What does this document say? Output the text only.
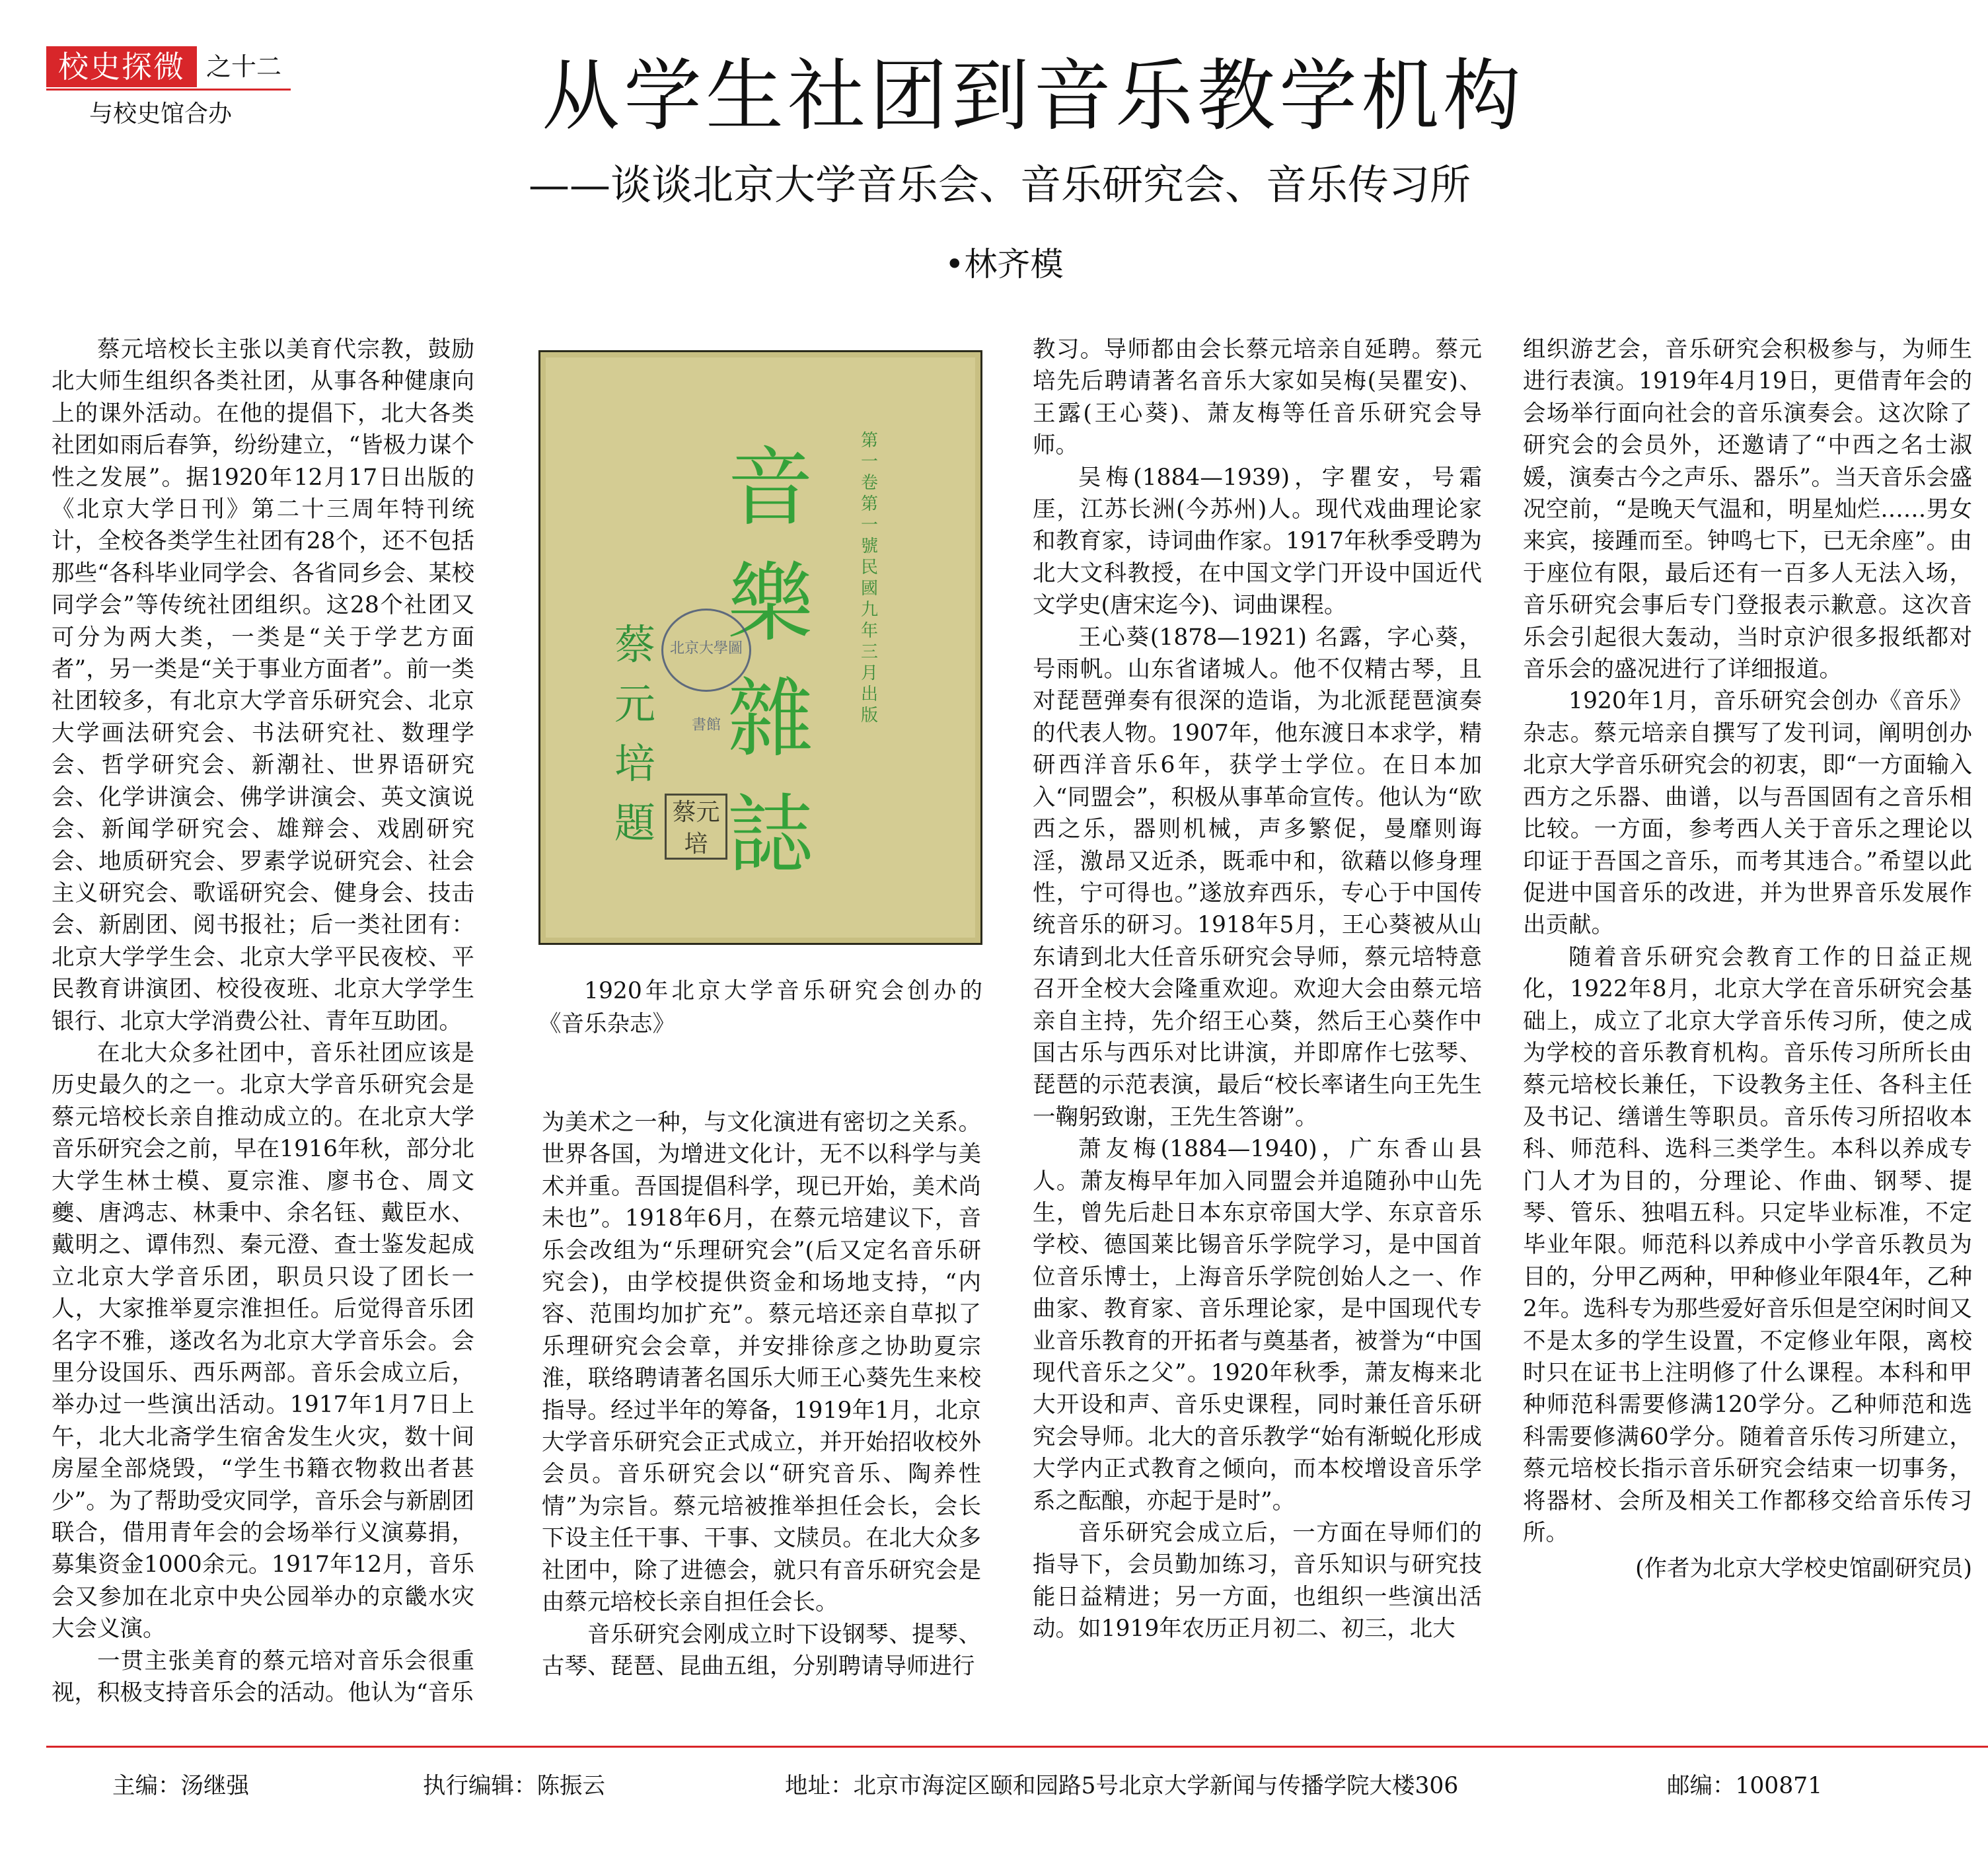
校史探微 之十二
与校史馆合办	从学生社团到音乐教学机构
——谈谈北京大学音乐会、音乐研究会、音乐传习所
•林齐模

蔡元培校长主张以美育代宗教，鼓励北大师生组织各类社团，从事各种健康向上的课外活动。在他的提倡下，北大各类社团如雨后春笋，纷纷建立，“皆极力谋个性之发展”。据1920年12月17日出版的《北京大学日刊》第二十三周年特刊统计，全校各类学生社团有28个，还不包括那些“各科毕业同学会、各省同乡会、某校同学会”等传统社团组织。这28个社团又可分为两大类，一类是“关于学艺方面者”，另一类是“关于事业方面者”。前一类社团较多，有北京大学音乐研究会、北京大学画法研究会、书法研究社、数理学会、哲学研究会、新潮社、世界语研究会、化学讲演会、佛学讲演会、英文演说会、新闻学研究会、雄辩会、戏剧研究会、地质研究会、罗素学说研究会、社会主义研究会、歌谣研究会、健身会、技击会、新剧团、阅书报社；后一类社团有：北京大学学生会、北京大学平民夜校、平民教育讲演团、校役夜班、北京大学学生银行、北京大学消费公社、青年互助团。

在北大众多社团中，音乐社团应该是历史最久的之一。北京大学音乐研究会是蔡元培校长亲自推动成立的。在北京大学音乐研究会之前，早在1916年秋，部分北大学生林士模、夏宗淮、廖书仓、周文夔、唐鸿志、林秉中、余名钰、戴臣水、戴明之、谭伟烈、秦元澄、查士鉴发起成立北京大学音乐团，职员只设了团长一人，大家推举夏宗淮担任。后觉得音乐团名字不雅，遂改名为北京大学音乐会。会里分设国乐、西乐两部。音乐会成立后，举办过一些演出活动。1917年1月7日上午，北大北斋学生宿舍发生火灾，数十间房屋全部烧毁，“学生书籍衣物救出者甚少”。为了帮助受灾同学，音乐会与新剧团联合，借用青年会的会场举行义演募捐，募集资金1000余元。1917年12月，音乐会又参加在北京中央公园举办的京畿水灾大会义演。

一贯主张美育的蔡元培对音乐会很重视，积极支持音乐会的活动。他认为“音乐

音樂雜誌
第一卷 第一號 民國九年三月出版
蔡元培題
北京大學圖書館
蔡元培
1920年北京大学音乐研究会创办的《音乐杂志》

为美术之一种，与文化演进有密切之关系。世界各国，为增进文化计，无不以科学与美术并重。吾国提倡科学，现已开始，美术尚未也”。1918年6月，在蔡元培建议下，音乐会改组为“乐理研究会”(后又定名音乐研究会)，由学校提供资金和场地支持，“内容、范围均加扩充”。蔡元培还亲自草拟了乐理研究会会章，并安排徐彦之协助夏宗淮，联络聘请著名国乐大师王心葵先生来校指导。经过半年的筹备，1919年1月，北京大学音乐研究会正式成立，并开始招收校外会员。音乐研究会以“研究音乐、陶养性情”为宗旨。蔡元培被推举担任会长，会长下设主任干事、干事、文牍员。在北大众多社团中，除了进德会，就只有音乐研究会是由蔡元培校长亲自担任会长。

音乐研究会刚成立时下设钢琴、提琴、古琴、琵琶、昆曲五组，分别聘请导师进行

教习。导师都由会长蔡元培亲自延聘。蔡元培先后聘请著名音乐大家如吴梅(吴瞿安)、王露(王心葵)、萧友梅等任音乐研究会导师。

吴梅(1884—1939)，字瞿安，号霜厓，江苏长洲(今苏州)人。现代戏曲理论家和教育家，诗词曲作家。1917年秋季受聘为北大文科教授，在中国文学门开设中国近代文学史(唐宋迄今)、词曲课程。

王心葵(1878—1921) 名露，字心葵，号雨帆。山东省诸城人。他不仅精古琴，且对琵琶弹奏有很深的造诣，为北派琵琶演奏的代表人物。1907年，他东渡日本求学，精研西洋音乐6年，获学士学位。在日本加入“同盟会”，积极从事革命宣传。他认为“欧西之乐，器则机械，声多繁促，曼靡则诲淫，激昂又近杀，既乖中和，欲藉以修身理性，宁可得也。”遂放弃西乐，专心于中国传统音乐的研习。1918年5月，王心葵被从山东请到北大任音乐研究会导师，蔡元培特意召开全校大会隆重欢迎。欢迎大会由蔡元培亲自主持，先介绍王心葵，然后王心葵作中国古乐与西乐对比讲演，并即席作七弦琴、琵琶的示范表演，最后“校长率诸生向王先生一鞠躬致谢，王先生答谢”。

萧友梅(1884—1940)，广东香山县人。萧友梅早年加入同盟会并追随孙中山先生，曾先后赴日本东京帝国大学、东京音乐学校、德国莱比锡音乐学院学习，是中国首位音乐博士，上海音乐学院创始人之一、作曲家、教育家、音乐理论家，是中国现代专业音乐教育的开拓者与奠基者，被誉为“中国现代音乐之父”。1920年秋季，萧友梅来北大开设和声、音乐史课程，同时兼任音乐研究会导师。北大的音乐教学“始有渐蜕化形成大学内正式教育之倾向，而本校增设音乐学系之酝酿，亦起于是时”。

音乐研究会成立后，一方面在导师们的指导下，会员勤加练习，音乐知识与研究技能日益精进；另一方面，也组织一些演出活动。如1919年农历正月初二、初三，北大

组织游艺会，音乐研究会积极参与，为师生进行表演。1919年4月19日，更借青年会的会场举行面向社会的音乐演奏会。这次除了研究会的会员外，还邀请了“中西之名士淑媛，演奏古今之声乐、器乐”。当天音乐会盛况空前，“是晚天气温和，明星灿烂……男女来宾，接踵而至。钟鸣七下，已无余座”。由于座位有限，最后还有一百多人无法入场，音乐研究会事后专门登报表示歉意。这次音乐会引起很大轰动，当时京沪很多报纸都对音乐会的盛况进行了详细报道。

1920年1月，音乐研究会创办《音乐》杂志。蔡元培亲自撰写了发刊词，阐明创办北京大学音乐研究会的初衷，即“一方面输入西方之乐器、曲谱，以与吾国固有之音乐相比较。一方面，参考西人关于音乐之理论以印证于吾国之音乐，而考其违合。”希望以此促进中国音乐的改进，并为世界音乐发展作出贡献。

随着音乐研究会教育工作的日益正规化，1922年8月，北京大学在音乐研究会基础上，成立了北京大学音乐传习所，使之成为学校的音乐教育机构。音乐传习所所长由蔡元培校长兼任，下设教务主任、各科主任及书记、缮谱生等职员。音乐传习所招收本科、师范科、选科三类学生。本科以养成专门人才为目的，分理论、作曲、钢琴、提琴、管乐、独唱五科。只定毕业标准，不定毕业年限。师范科以养成中小学音乐教员为目的，分甲乙两种，甲种修业年限4年，乙种2年。选科专为那些爱好音乐但是空闲时间又不是太多的学生设置，不定修业年限，离校时只在证书上注明修了什么课程。本科和甲种师范科需要修满120学分。乙种师范和选科需要修满60学分。随着音乐传习所建立，蔡元培校长指示音乐研究会结束一切事务，将器材、会所及相关工作都移交给音乐传习所。

(作者为北京大学校史馆副研究员)

主编：汤继强	执行编辑：陈振云	地址：北京市海淀区颐和园路5号北京大学新闻与传播学院大楼306	邮编：100871
